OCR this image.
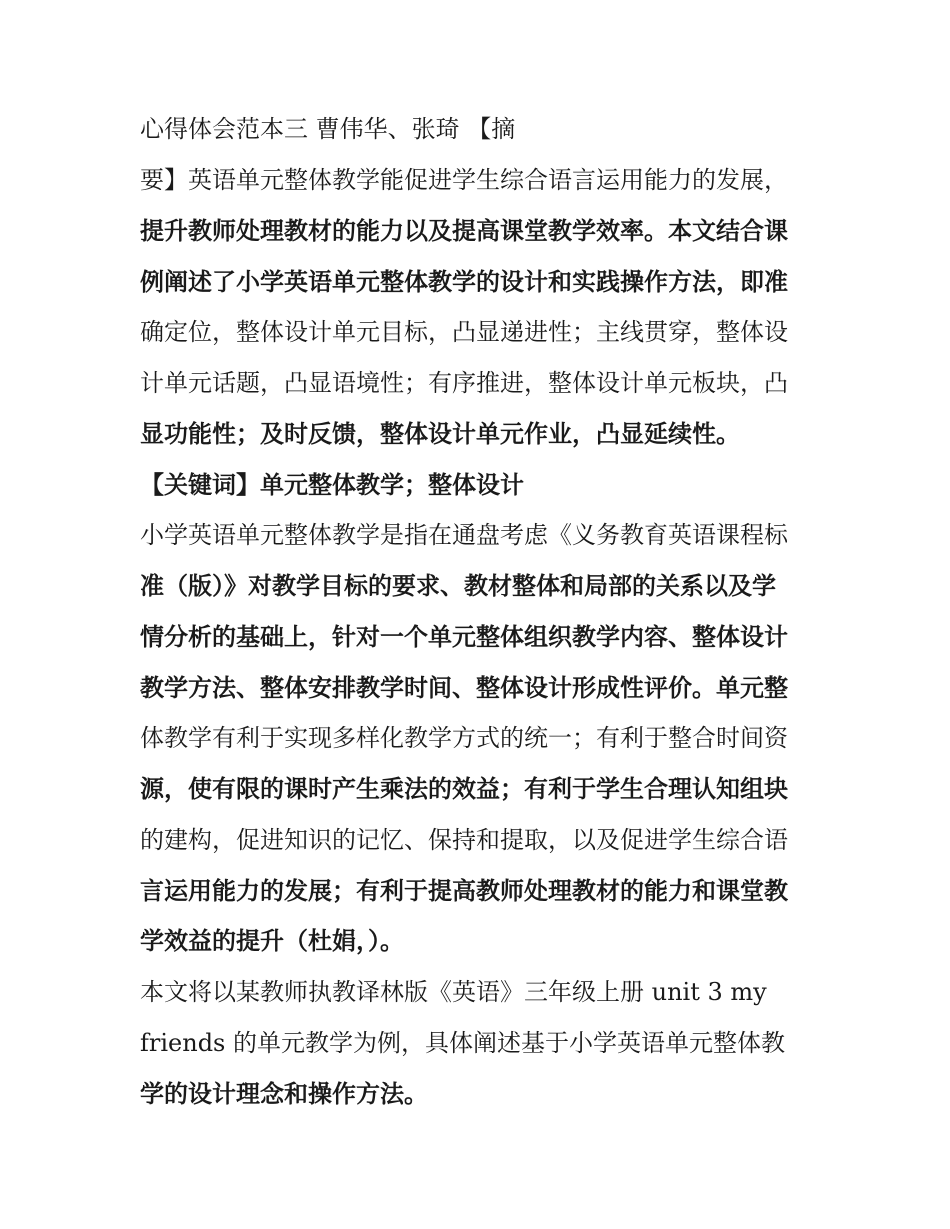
心得体会范本三 曹伟华、张琦 【摘
要】英语单元整体教学能促进学生综合语言运用能力的发展，
提升教师处理教材的能力以及提高课堂教学效率。本文结合课
例阐述了小学英语单元整体教学的设计和实践操作方法，即准
确定位，整体设计单元目标，凸显递进性；主线贯穿，整体设
计单元话题，凸显语境性；有序推进，整体设计单元板块，凸
显功能性；及时反馈，整体设计单元作业，凸显延续性。
【关键词】单元整体教学；整体设计
小学英语单元整体教学是指在通盘考虑《义务教育英语课程标
准（版）》对教学目标的要求、教材整体和局部的关系以及学
情分析的基础上，针对一个单元整体组织教学内容、整体设计
教学方法、整体安排教学时间、整体设计形成性评价。单元整
体教学有利于实现多样化教学方式的统一；有利于整合时间资
源，使有限的课时产生乘法的效益；有利于学生合理认知组块
的建构，促进知识的记忆、保持和提取，以及促进学生综合语
言运用能力的发展；有利于提高教师处理教材的能力和课堂教
学效益的提升（杜娟，）。
本文将以某教师执教译林版《英语》三年级上册 unit 3 my
friends 的单元教学为例，具体阐述基于小学英语单元整体教
学的设计理念和操作方法。
